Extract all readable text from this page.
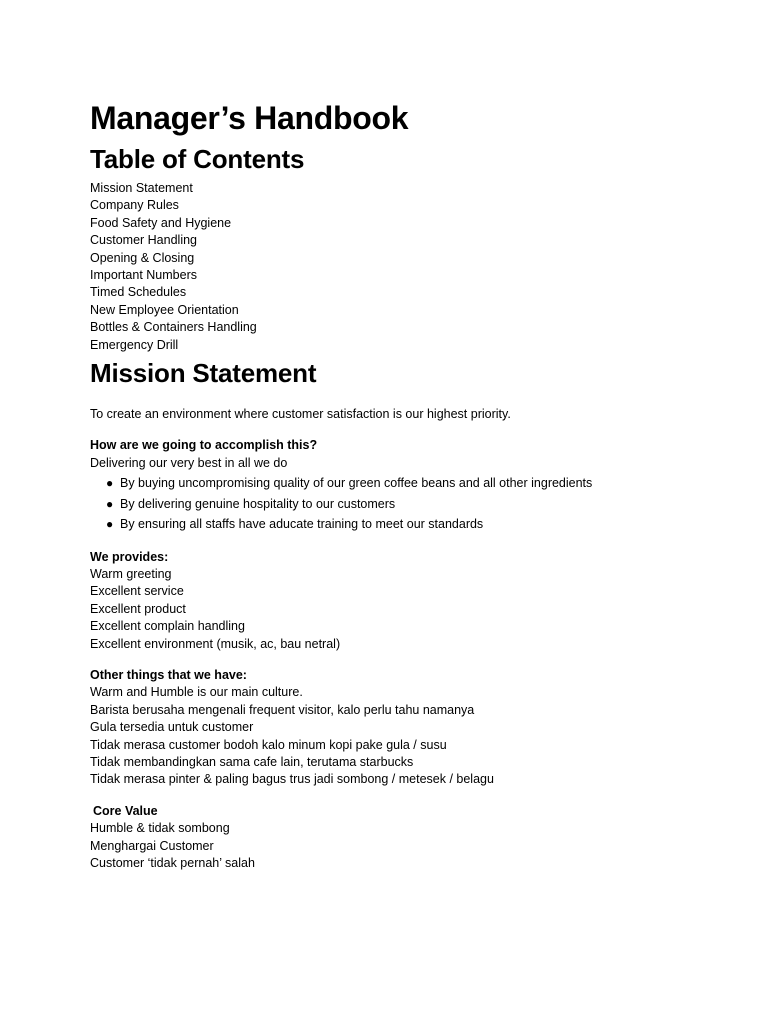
Manager’s Handbook
Table of Contents
Mission Statement
Company Rules
Food Safety and Hygiene
Customer Handling
Opening & Closing
Important Numbers
Timed Schedules
New Employee Orientation
Bottles & Containers Handling
Emergency Drill
Mission Statement
To create an environment where customer satisfaction is our highest priority.
How are we going to accomplish this?
Delivering our very best in all we do
● By buying uncompromising quality of our green coffee beans and all other ingredients
● By delivering genuine hospitality to our customers
● By ensuring all staffs have aducate training to meet our standards
We provides:
Warm greeting
Excellent service
Excellent product
Excellent complain handling
Excellent environment (musik, ac, bau netral)
Other things that we have:
Warm and Humble is our main culture.
Barista berusaha mengenali frequent visitor, kalo perlu tahu namanya
Gula tersedia untuk customer
Tidak merasa customer bodoh kalo minum kopi pake gula / susu
Tidak membandingkan sama cafe lain, terutama starbucks
Tidak merasa pinter & paling bagus trus jadi sombong / metesek / belagu
Core Value
Humble & tidak sombong
Menghargai Customer
Customer ‘tidak pernah’ salah
